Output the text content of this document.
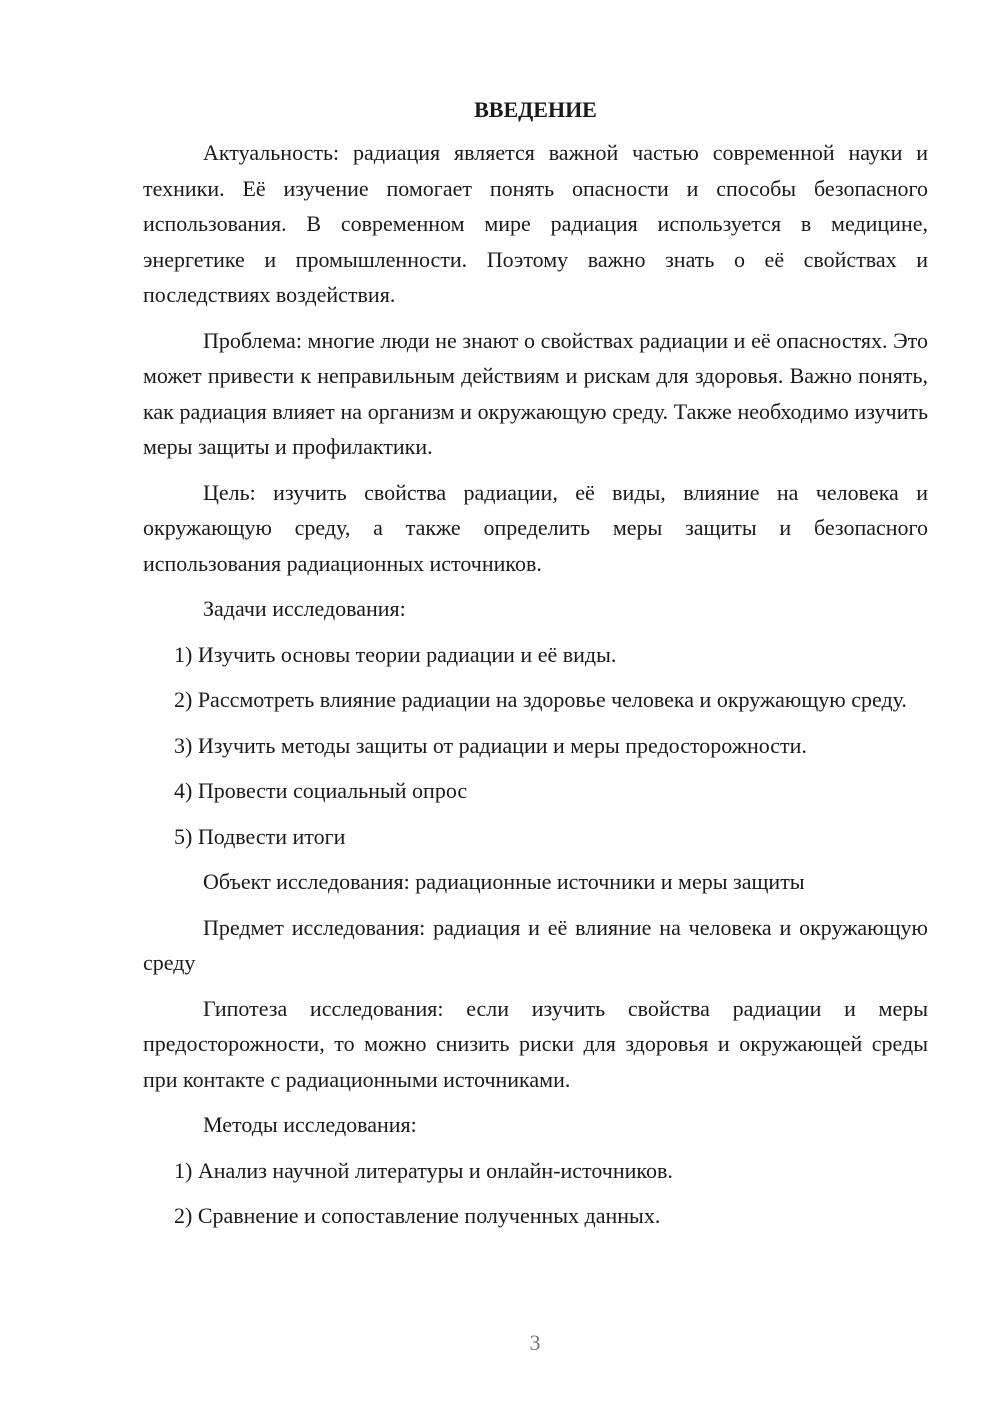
ВВЕДЕНИЕ

Актуальность: радиация является важной частью современной науки и техники. Её изучение помогает понять опасности и способы безопасного использования. В современном мире радиация используется в медицине, энергетике и промышленности. Поэтому важно знать о её свойствах и последствиях воздействия.

Проблема: многие люди не знают о свойствах радиации и её опасностях. Это может привести к неправильным действиям и рискам для здоровья. Важно понять, как радиация влияет на организм и окружающую среду. Также необходимо изучить меры защиты и профилактики.

Цель: изучить свойства радиации, её виды, влияние на человека и окружающую среду, а также определить меры защиты и безопасного использования радиационных источников.

Задачи исследования:

1) Изучить основы теории радиации и её виды.

2) Рассмотреть влияние радиации на здоровье человека и окружающую среду.

3) Изучить методы защиты от радиации и меры предосторожности.

4) Провести социальный опрос

5) Подвести итоги

Объект исследования: радиационные источники и меры защиты

Предмет исследования: радиация и её влияние на человека и окружающую среду

Гипотеза исследования: если изучить свойства радиации и меры предосторожности, то можно снизить риски для здоровья и окружающей среды при контакте с радиационными источниками.

Методы исследования:

1) Анализ научной литературы и онлайн-источников.

2) Сравнение и сопоставление полученных данных.

3
